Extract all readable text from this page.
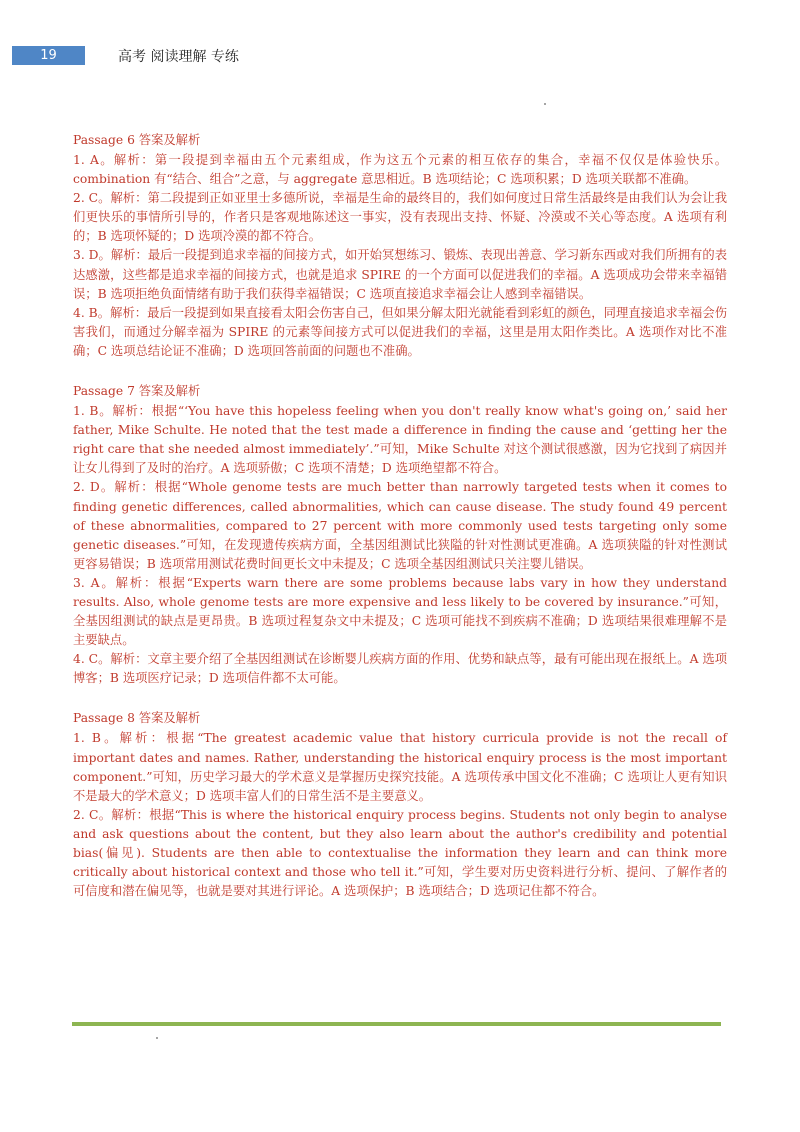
19	高考 阅读理解 专练
Passage 6 答案及解析

1. A。解析：第一段提到幸福由五个元素组成，作为这五个元素的相互依存的集合，幸福不仅仅是体验快乐。combination 有“结合、组合”之意，与 aggregate 意思相近。B 选项结论；C 选项积累；D 选项关联都不准确。

2. C。解析：第二段提到正如亚里士多德所说，幸福是生命的最终目的，我们如何度过日常生活最终是由我们认为会让我们更快乐的事情所引导的，作者只是客观地陈述这一事实，没有表现出支持、怀疑、冷漠或不关心等态度。A 选项有利的；B 选项怀疑的；D 选项冷漠的都不符合。

3. D。解析：最后一段提到追求幸福的间接方式，如开始冥想练习、锻炼、表现出善意、学习新东西或对我们所拥有的表达感激，这些都是追求幸福的间接方式，也就是追求 SPIRE 的一个方面可以促进我们的幸福。A 选项成功会带来幸福错误；B 选项拒绝负面情绪有助于我们获得幸福错误；C 选项直接追求幸福会让人感到幸福错误。

4. B。解析：最后一段提到如果直接看太阳会伤害自己，但如果分解太阳光就能看到彩虹的颜色，同理直接追求幸福会伤害我们，而通过分解幸福为 SPIRE 的元素等间接方式可以促进我们的幸福，这里是用太阳作类比。A 选项作对比不准确；C 选项总结论证不准确；D 选项回答前面的问题也不准确。

Passage 7 答案及解析

1. B。解析：根据“‘You have this hopeless feeling when you don't really know what's going on,’ said her father, Mike Schulte. He noted that the test made a difference in finding the cause and ‘getting her the right care that she needed almost immediately’.”可知，Mike Schulte 对这个测试很感激，因为它找到了病因并让女儿得到了及时的治疗。A 选项骄傲；C 选项不清楚；D 选项绝望都不符合。

2. D。解析：根据“Whole genome tests are much better than narrowly targeted tests when it comes to finding genetic differences, called abnormalities, which can cause disease. The study found 49 percent of these abnormalities, compared to 27 percent with more commonly used tests targeting only some genetic diseases.”可知，在发现遗传疾病方面，全基因组测试比狭隘的针对性测试更准确。A 选项狭隘的针对性测试更容易错误；B 选项常用测试花费时间更长文中未提及；C 选项全基因组测试只关注婴儿错误。

3. A。解析：根据“Experts warn there are some problems because labs vary in how they understand results. Also, whole genome tests are more expensive and less likely to be covered by insurance.”可知，全基因组测试的缺点是更昂贵。B 选项过程复杂文中未提及；C 选项可能找不到疾病不准确；D 选项结果很难理解不是主要缺点。

4. C。解析：文章主要介绍了全基因组测试在诊断婴儿疾病方面的作用、优势和缺点等，最有可能出现在报纸上。A 选项博客；B 选项医疗记录；D 选项信件都不太可能。

Passage 8 答案及解析

1. B。解析：根据“The greatest academic value that history curricula provide is not the recall of important dates and names. Rather, understanding the historical enquiry process is the most important component.”可知，历史学习最大的学术意义是掌握历史探究技能。A 选项传承中国文化不准确；C 选项让人更有知识不是最大的学术意义；D 选项丰富人们的日常生活不是主要意义。

2. C。解析：根据“This is where the historical enquiry process begins. Students not only begin to analyse and ask questions about the content, but they also learn about the author's credibility and potential bias(偏见). Students are then able to contextualise the information they learn and can think more critically about historical context and those who tell it.”可知，学生要对历史资料进行分析、提问、了解作者的可信度和潜在偏见等，也就是要对其进行评论。A 选项保护；B 选项结合；D 选项记住都不符合。
